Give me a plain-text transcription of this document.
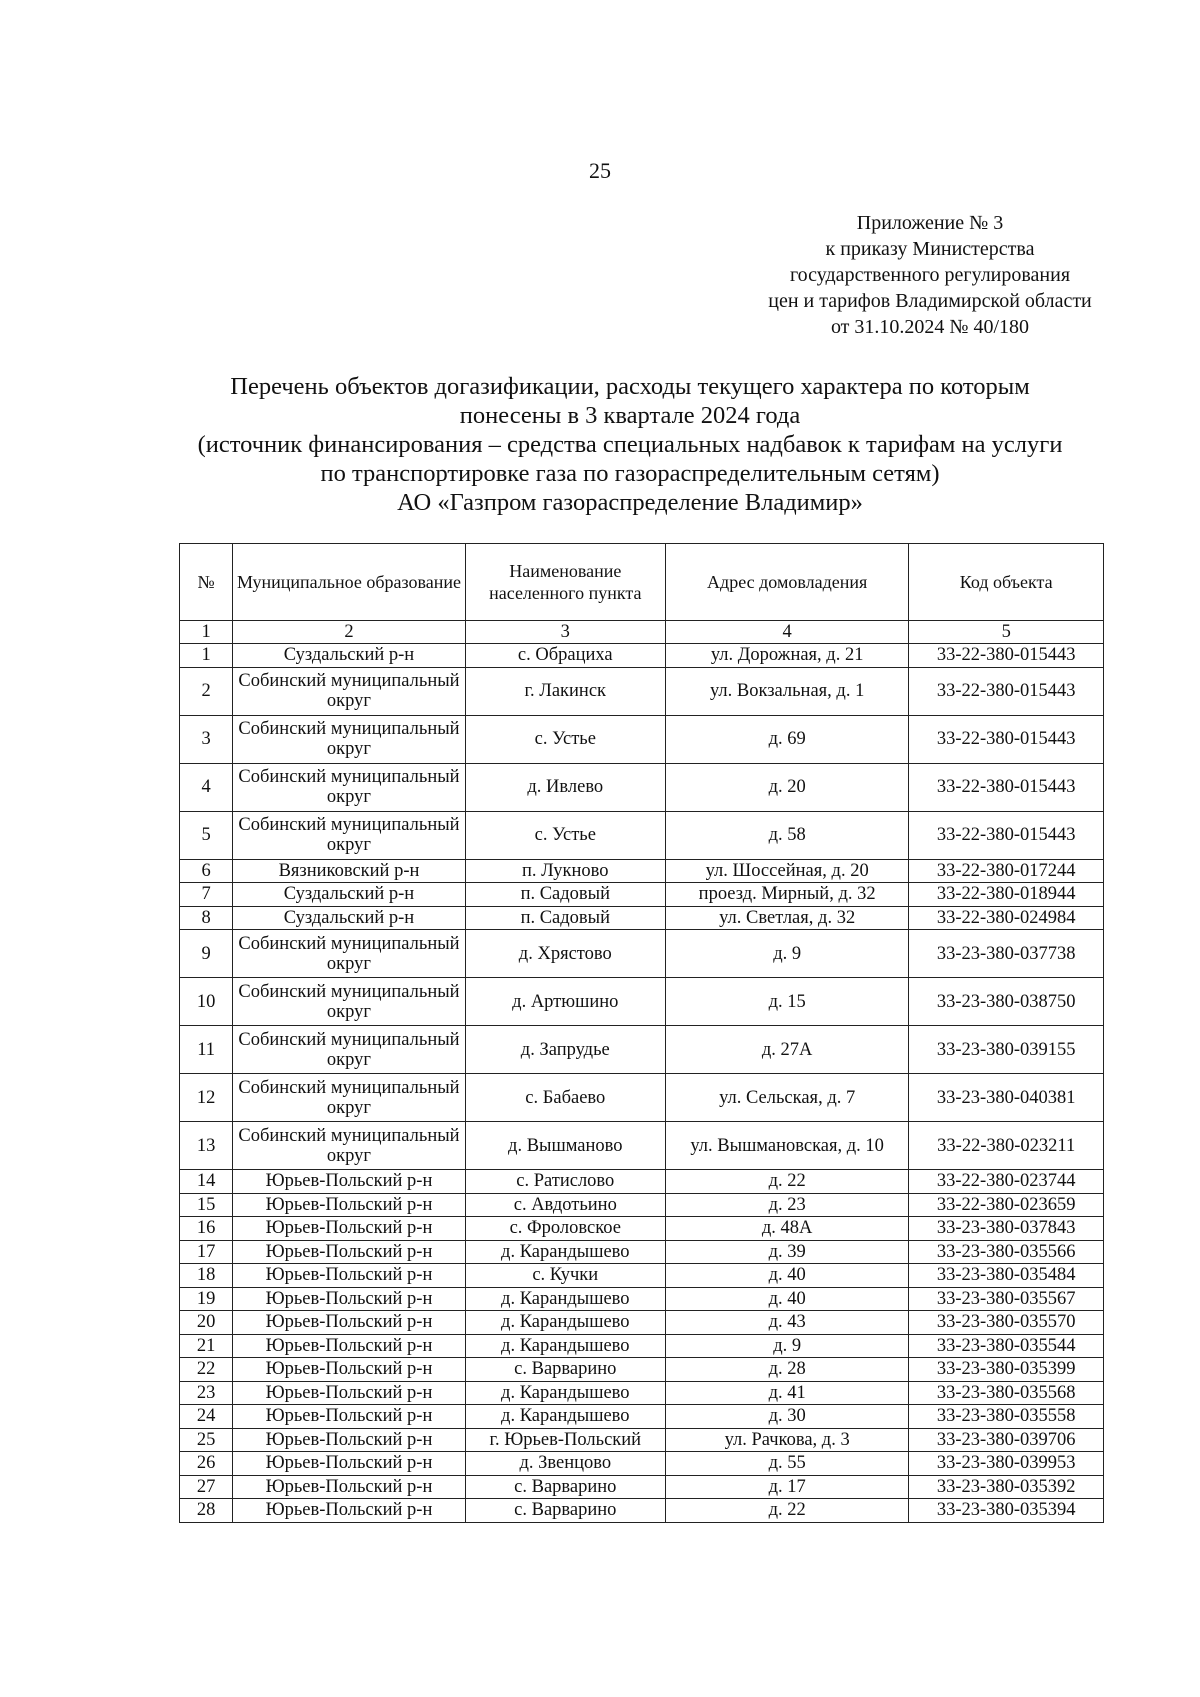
25
Приложение № 3
к приказу Министерства
государственного регулирования
цен и тарифов Владимирской области
от 31.10.2024 № 40/180
Перечень объектов догазификации, расходы текущего характера по которым
понесены в 3 квартале 2024 года
(источник финансирования – средства специальных надбавок к тарифам на услуги
по транспортировке газа по газораспределительным сетям)
АО «Газпром газораспределение Владимир»
№	Муниципальное образование	Наименование населенного пункта	Адрес домовладения	Код объекта
1	2	3	4	5
1	Суздальский р-н	с. Обрациха	ул. Дорожная, д. 21	33-22-380-015443
2	Собинский муниципальный округ	г. Лакинск	ул. Вокзальная, д. 1	33-22-380-015443
3	Собинский муниципальный округ	с. Устье	д. 69	33-22-380-015443
4	Собинский муниципальный округ	д. Ивлево	д. 20	33-22-380-015443
5	Собинский муниципальный округ	с. Устье	д. 58	33-22-380-015443
6	Вязниковский р-н	п. Лукново	ул. Шоссейная, д. 20	33-22-380-017244
7	Суздальский р-н	п. Садовый	проезд. Мирный, д. 32	33-22-380-018944
8	Суздальский р-н	п. Садовый	ул. Светлая, д. 32	33-22-380-024984
9	Собинский муниципальный округ	д. Хрястово	д. 9	33-23-380-037738
10	Собинский муниципальный округ	д. Артюшино	д. 15	33-23-380-038750
11	Собинский муниципальный округ	д. Запрудье	д. 27А	33-23-380-039155
12	Собинский муниципальный округ	с. Бабаево	ул. Сельская, д. 7	33-23-380-040381
13	Собинский муниципальный округ	д. Вышманово	ул. Вышмановская, д. 10	33-22-380-023211
14	Юрьев-Польский р-н	с. Ратислово	д. 22	33-22-380-023744
15	Юрьев-Польский р-н	с. Авдотьино	д. 23	33-22-380-023659
16	Юрьев-Польский р-н	с. Фроловское	д. 48А	33-23-380-037843
17	Юрьев-Польский р-н	д. Карандышево	д. 39	33-23-380-035566
18	Юрьев-Польский р-н	с. Кучки	д. 40	33-23-380-035484
19	Юрьев-Польский р-н	д. Карандышево	д. 40	33-23-380-035567
20	Юрьев-Польский р-н	д. Карандышево	д. 43	33-23-380-035570
21	Юрьев-Польский р-н	д. Карандышево	д. 9	33-23-380-035544
22	Юрьев-Польский р-н	с. Варварино	д. 28	33-23-380-035399
23	Юрьев-Польский р-н	д. Карандышево	д. 41	33-23-380-035568
24	Юрьев-Польский р-н	д. Карандышево	д. 30	33-23-380-035558
25	Юрьев-Польский р-н	г. Юрьев-Польский	ул. Рачкова, д. 3	33-23-380-039706
26	Юрьев-Польский р-н	д. Звенцово	д. 55	33-23-380-039953
27	Юрьев-Польский р-н	с. Варварино	д. 17	33-23-380-035392
28	Юрьев-Польский р-н	с. Варварино	д. 22	33-23-380-035394
